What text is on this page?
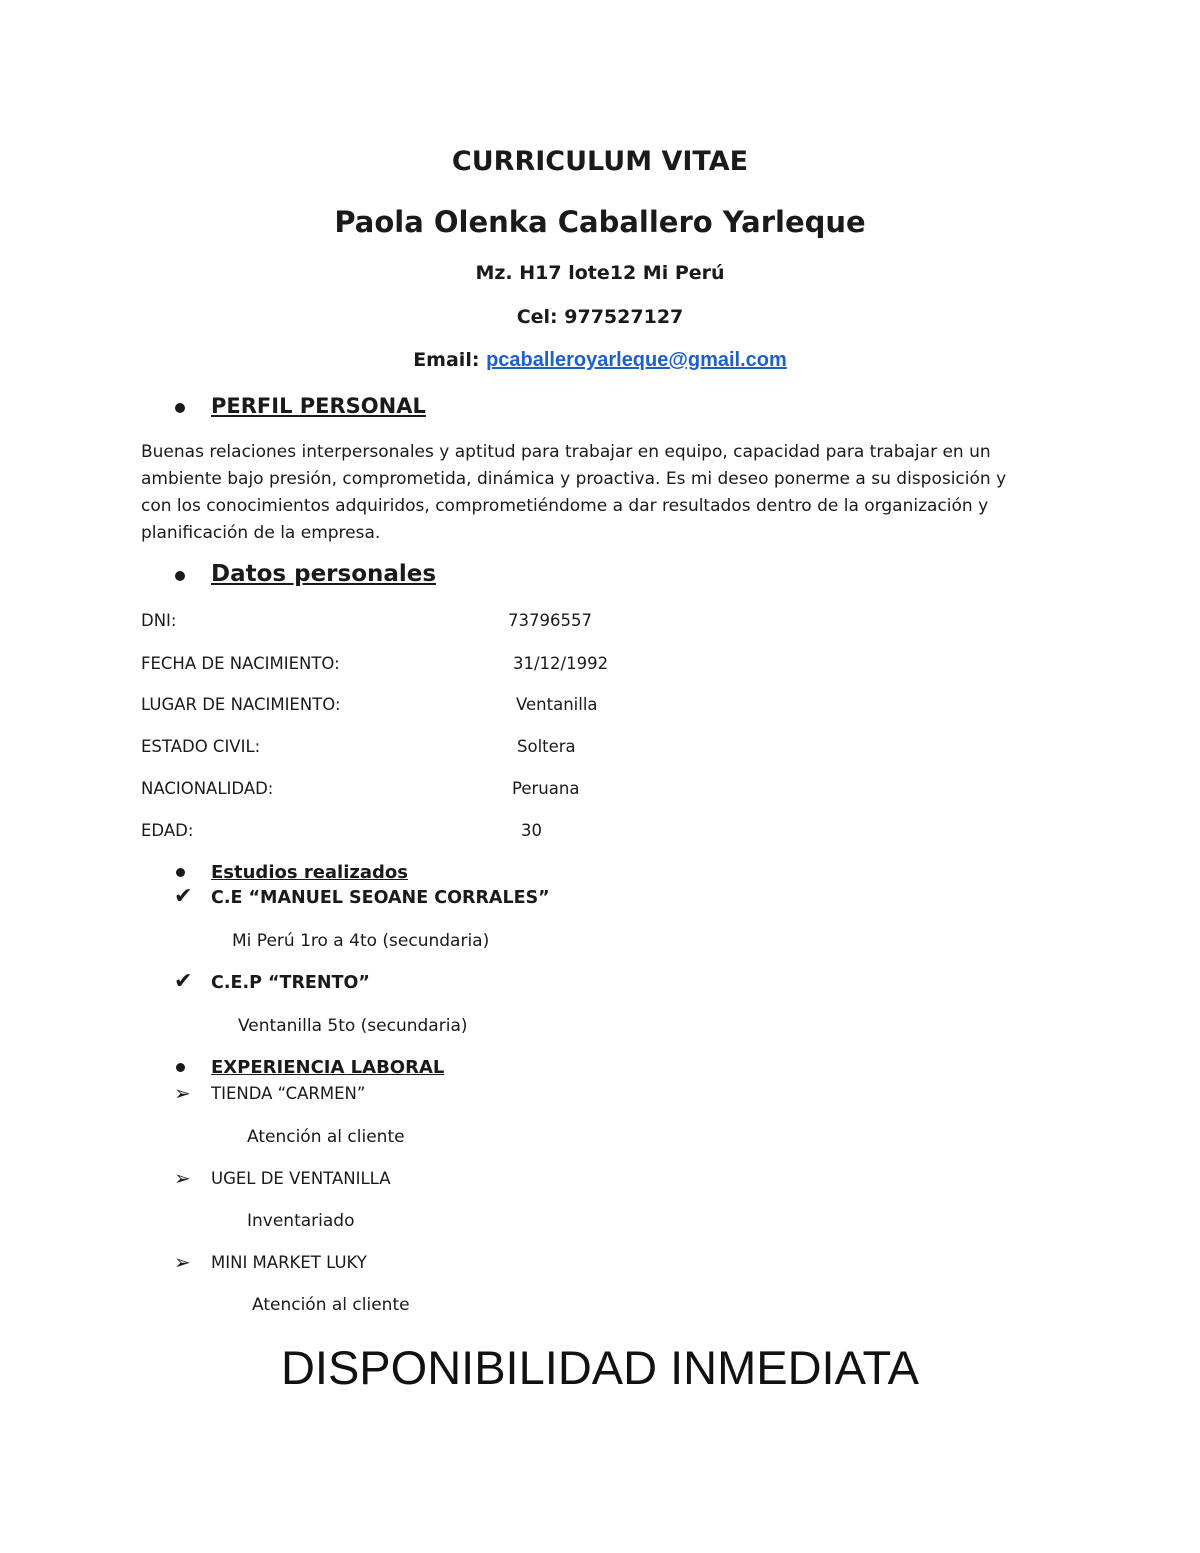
CURRICULUM VITAE
Paola Olenka Caballero Yarleque
Mz. H17 lote12 Mi Perú
Cel: 977527127
Email: pcaballeroyarleque@gmail.com
PERFIL PERSONAL
Buenas relaciones interpersonales y aptitud para trabajar en equipo, capacidad para trabajar en un ambiente bajo presión, comprometida, dinámica y proactiva. Es mi deseo ponerme a su disposición y con los conocimientos adquiridos, comprometiéndome a dar resultados dentro de la organización y planificación de la empresa.
Datos personales
DNI:	73796557
FECHA DE NACIMIENTO:	31/12/1992
LUGAR DE NACIMIENTO:	Ventanilla
ESTADO CIVIL:	Soltera
NACIONALIDAD:	Peruana
EDAD:	30
Estudios realizados
✔ C.E “MANUEL SEOANE CORRALES”
Mi Perú 1ro a 4to (secundaria)
✔ C.E.P “TRENTO”
Ventanilla 5to (secundaria)
EXPERIENCIA LABORAL
➢ TIENDA “CARMEN”
Atención al cliente
➢ UGEL DE VENTANILLA
Inventariado
➢ MINI MARKET LUKY
Atención al cliente
DISPONIBILIDAD INMEDIATA
